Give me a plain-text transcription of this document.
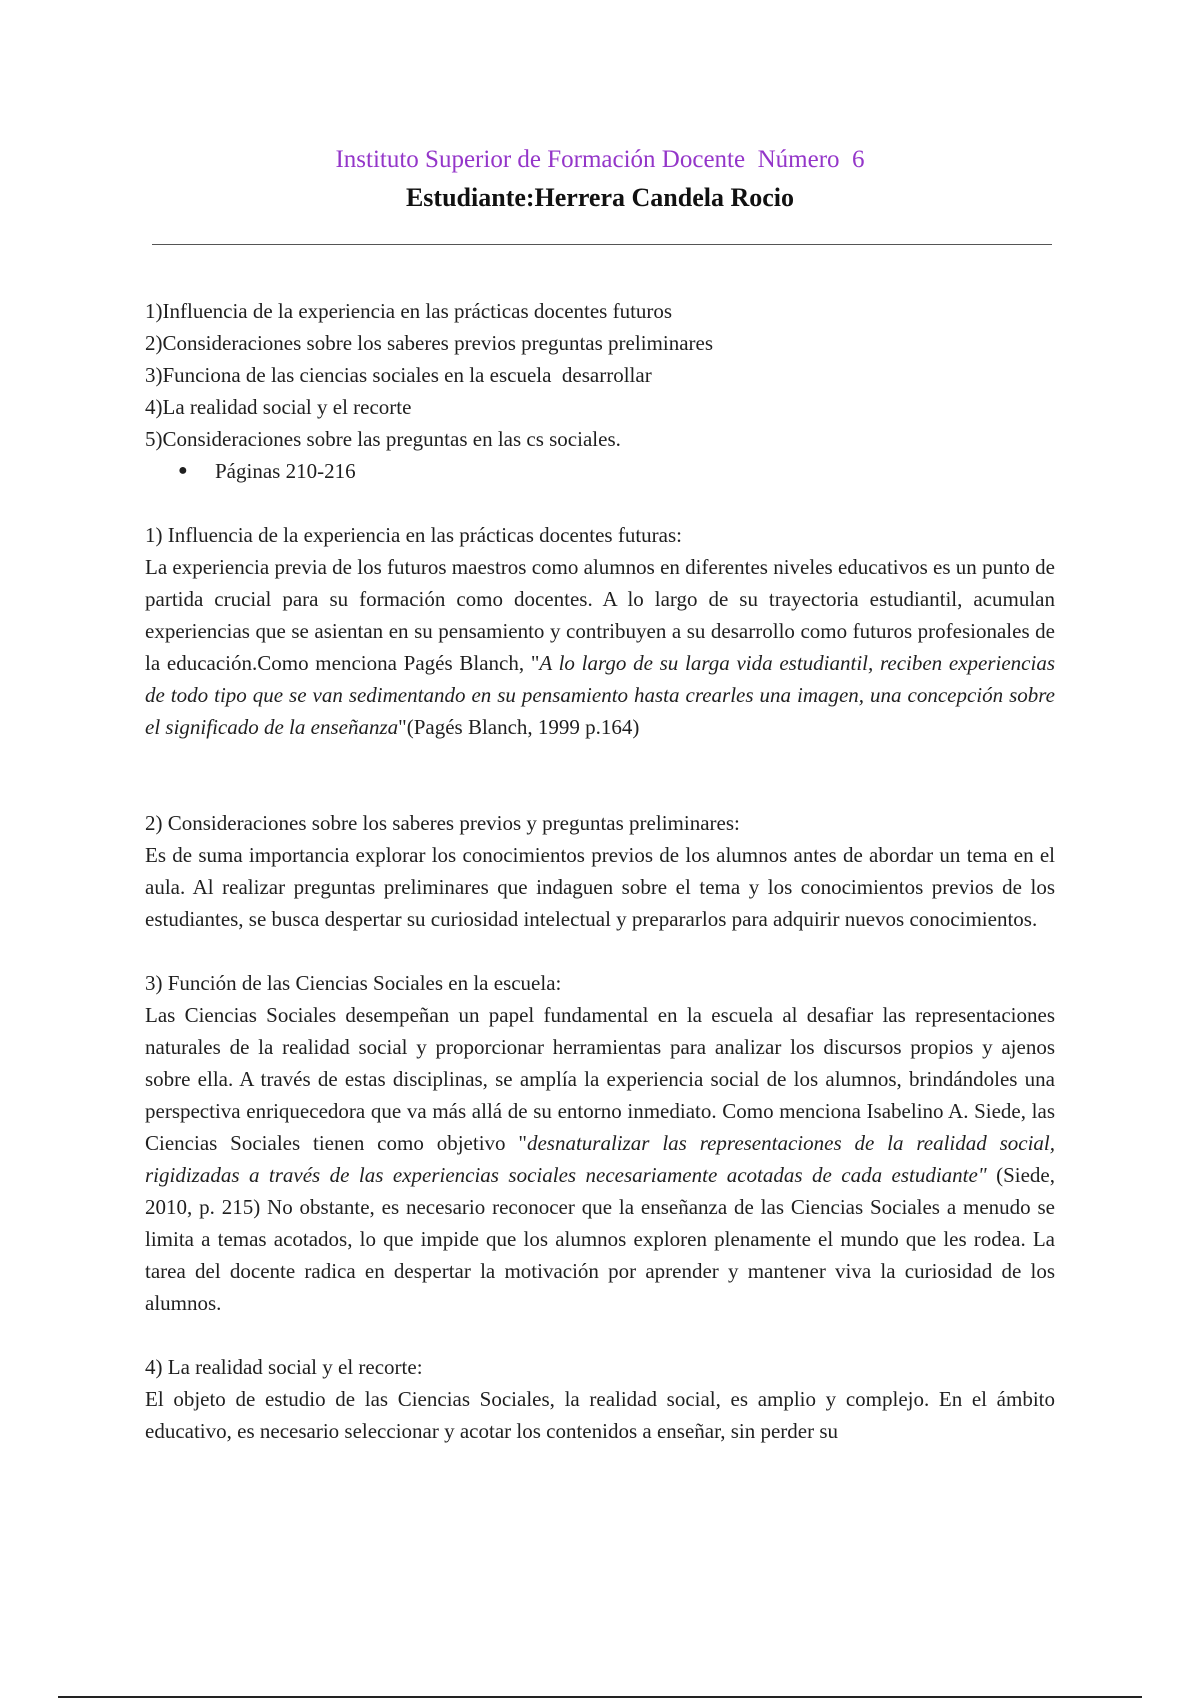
Instituto Superior de Formación Docente  Número  6
Estudiante:Herrera Candela Rocio

1)Influencia de la experiencia en las prácticas docentes futuros

2)Consideraciones sobre los saberes previos preguntas preliminares

3)Funciona de las ciencias sociales en la escuela  desarrollar

4)La realidad social y el recorte

5)Consideraciones sobre las preguntas en las cs sociales.

● Páginas 210-216

1) Influencia de la experiencia en las prácticas docentes futuras:

La experiencia previa de los futuros maestros como alumnos en diferentes niveles educativos es un punto de partida crucial para su formación como docentes. A lo largo de su trayectoria estudiantil, acumulan experiencias que se asientan en su pensamiento y contribuyen a su desarrollo como futuros profesionales de la educación.Como menciona Pagés Blanch, "A lo largo de su larga vida estudiantil, reciben experiencias de todo tipo que se van sedimentando en su pensamiento hasta crearles una imagen, una concepción sobre el significado de la enseñanza"(Pagés Blanch, 1999 p.164)

2) Consideraciones sobre los saberes previos y preguntas preliminares:

Es de suma importancia explorar los conocimientos previos de los alumnos antes de abordar un tema en el aula. Al realizar preguntas preliminares que indaguen sobre el tema y los conocimientos previos de los estudiantes, se busca despertar su curiosidad intelectual y prepararlos para adquirir nuevos conocimientos.

3) Función de las Ciencias Sociales en la escuela:

Las Ciencias Sociales desempeñan un papel fundamental en la escuela al desafiar las representaciones naturales de la realidad social y proporcionar herramientas para analizar los discursos propios y ajenos sobre ella. A través de estas disciplinas, se amplía la experiencia social de los alumnos, brindándoles una perspectiva enriquecedora que va más allá de su entorno inmediato. Como menciona Isabelino A. Siede, las Ciencias Sociales tienen como objetivo "desnaturalizar las representaciones de la realidad social, rigidizadas a través de las experiencias sociales necesariamente acotadas de cada estudiante" (Siede, 2010, p. 215) No obstante, es necesario reconocer que la enseñanza de las Ciencias Sociales a menudo se limita a temas acotados, lo que impide que los alumnos exploren plenamente el mundo que les rodea. La tarea del docente radica en despertar la motivación por aprender y mantener viva la curiosidad de los alumnos.

4) La realidad social y el recorte:

El objeto de estudio de las Ciencias Sociales, la realidad social, es amplio y complejo. En el ámbito educativo, es necesario seleccionar y acotar los contenidos a enseñar, sin perder su
